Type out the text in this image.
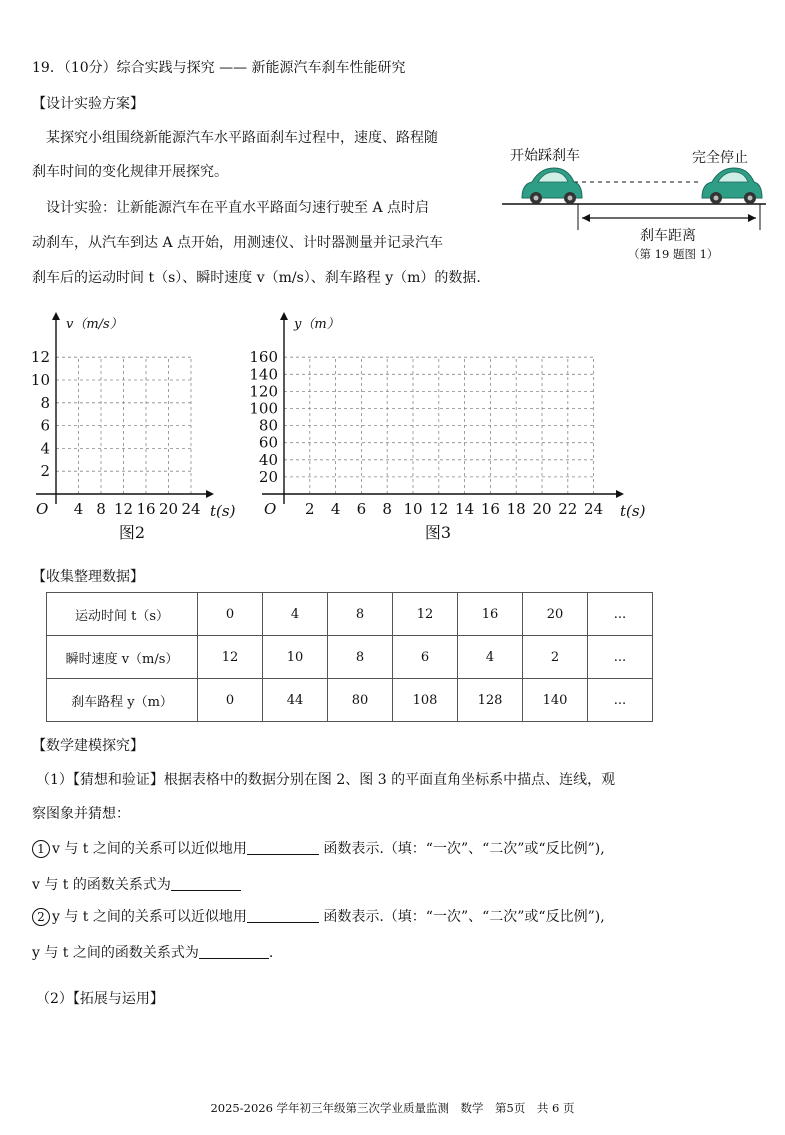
19．（10分）综合实践与探究 —— 新能源汽车刹车性能研究
【设计实验方案】
某探究小组围绕新能源汽车水平路面刹车过程中，速度、路程随
刹车时间的变化规律开展探究。
设计实验：让新能源汽车在平直水平路面匀速行驶至 A 点时启
动刹车，从汽车到达 A 点开始，用测速仪、计时器测量并记录汽车
刹车后的运动时间 t（s）、瞬时速度 v（m/s）、刹车路程 y（m）的数据.
开始踩刹车	完全停止
刹车距离
（第 19 题图 1）
4 8 12 16 20 24
2
4
6
8
10
12
O	t(s)
v（m/s）
图2
2 4 6 8 10 12 14 16 18 20 22 24
20
40
60
80
100
120
140
160
O	t(s)
y（m）
图3
【收集整理数据】
运动时间 t（s）	0	4	8	12	16	20	...
瞬时速度 v（m/s）	12	10	8	6	4	2	...
刹车路程 y（m）	0	44	80	108	128	140	...
【数学建模探究】
（1）【猜想和验证】根据表格中的数据分别在图 2、图 3 的平面直角坐标系中描点、连线，观
察图象并猜想：
1 v 与 t 之间的关系可以近似地用	函数表示.（填：“一次”、“二次”或“反比例”),
v 与 t 的函数关系式为
2 y 与 t 之间的关系可以近似地用	函数表示.（填：“一次”、“二次”或“反比例”),
y 与 t 之间的函数关系式为	.
（2）【拓展与运用】
2025-2026 学年初三年级第三次学业质量监测　数学　第5页　共 6 页
